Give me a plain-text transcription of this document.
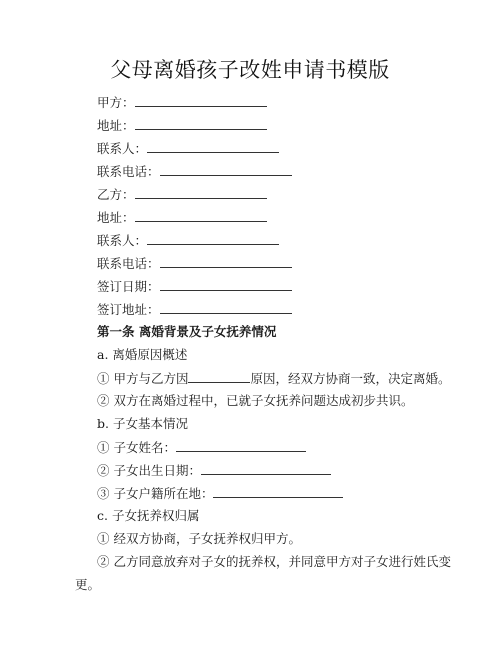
父母离婚孩子改姓申请书模版
甲方：
地址：
联系人：
联系电话：
乙方：
地址：
联系人：
联系电话：
签订日期：
签订地址：
第一条 离婚背景及子女抚养情况
a. 离婚原因概述
① 甲方与乙方因	原因，经双方协商一致，决定离婚。
② 双方在离婚过程中，已就子女抚养问题达成初步共识。
b. 子女基本情况
① 子女姓名：
② 子女出生日期：
③ 子女户籍所在地：
c. 子女抚养权归属
① 经双方协商，子女抚养权归甲方。
② 乙方同意放弃对子女的抚养权，并同意甲方对子女进行姓氏变
更。
